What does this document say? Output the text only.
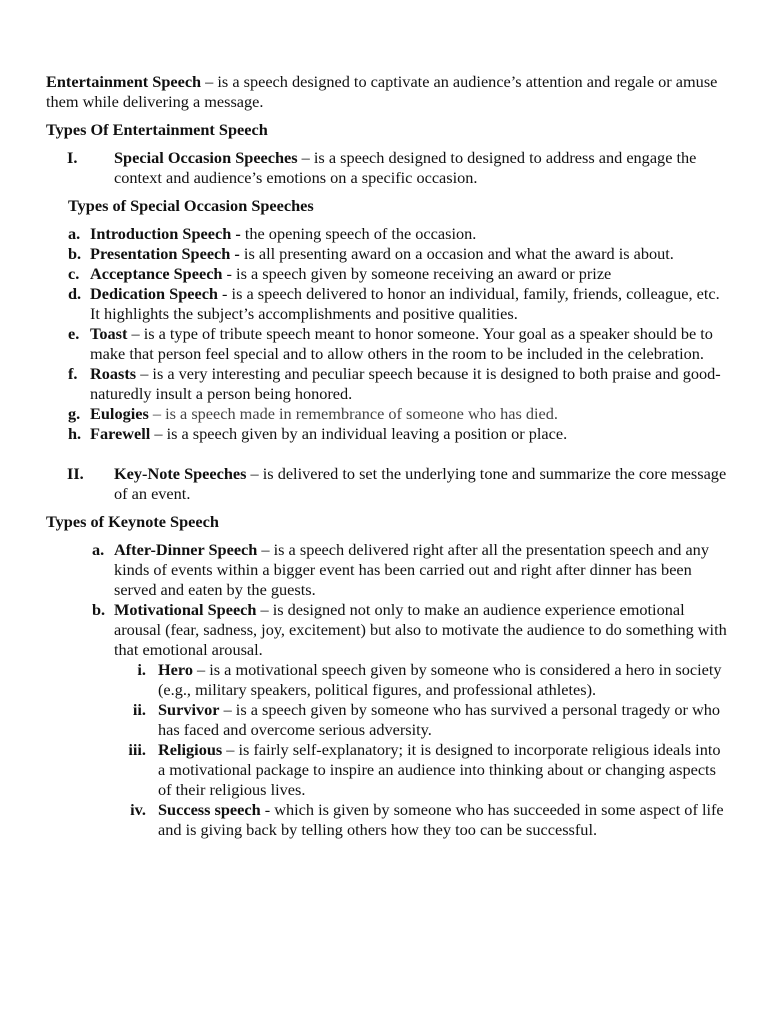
Entertainment Speech – is a speech designed to captivate an audience’s attention and regale or amuse them while delivering a message.

Types Of Entertainment Speech

I. Special Occasion Speeches – is a speech designed to designed to address and engage the context and audience’s emotions on a specific occasion.

Types of Special Occasion Speeches

a. Introduction Speech - the opening speech of the occasion.
b. Presentation Speech - is all presenting award on a occasion and what the award is about.
c. Acceptance Speech - is a speech given by someone receiving an award or prize
d. Dedication Speech - is a speech delivered to honor an individual, family, friends, colleague, etc. It highlights the subject’s accomplishments and positive qualities.
e. Toast – is a type of tribute speech meant to honor someone. Your goal as a speaker should be to make that person feel special and to allow others in the room to be included in the celebration.
f. Roasts – is a very interesting and peculiar speech because it is designed to both praise and good-naturedly insult a person being honored.
g. Eulogies – is a speech made in remembrance of someone who has died.
h. Farewell – is a speech given by an individual leaving a position or place.
II. Key-Note Speeches – is delivered to set the underlying tone and summarize the core message of an event.

Types of Keynote Speech

a. After-Dinner Speech – is a speech delivered right after all the presentation speech and any kinds of events within a bigger event has been carried out and right after dinner has been served and eaten by the guests.
b. Motivational Speech – is designed not only to make an audience experience emotional arousal (fear, sadness, joy, excitement) but also to motivate the audience to do something with that emotional arousal.
i. Hero – is a motivational speech given by someone who is considered a hero in society (e.g., military speakers, political figures, and professional athletes).
ii. Survivor – is a speech given by someone who has survived a personal tragedy or who has faced and overcome serious adversity.
iii. Religious – is fairly self-explanatory; it is designed to incorporate religious ideals into a motivational package to inspire an audience into thinking about or changing aspects of their religious lives.
iv. Success speech - which is given by someone who has succeeded in some aspect of life and is giving back by telling others how they too can be successful.
